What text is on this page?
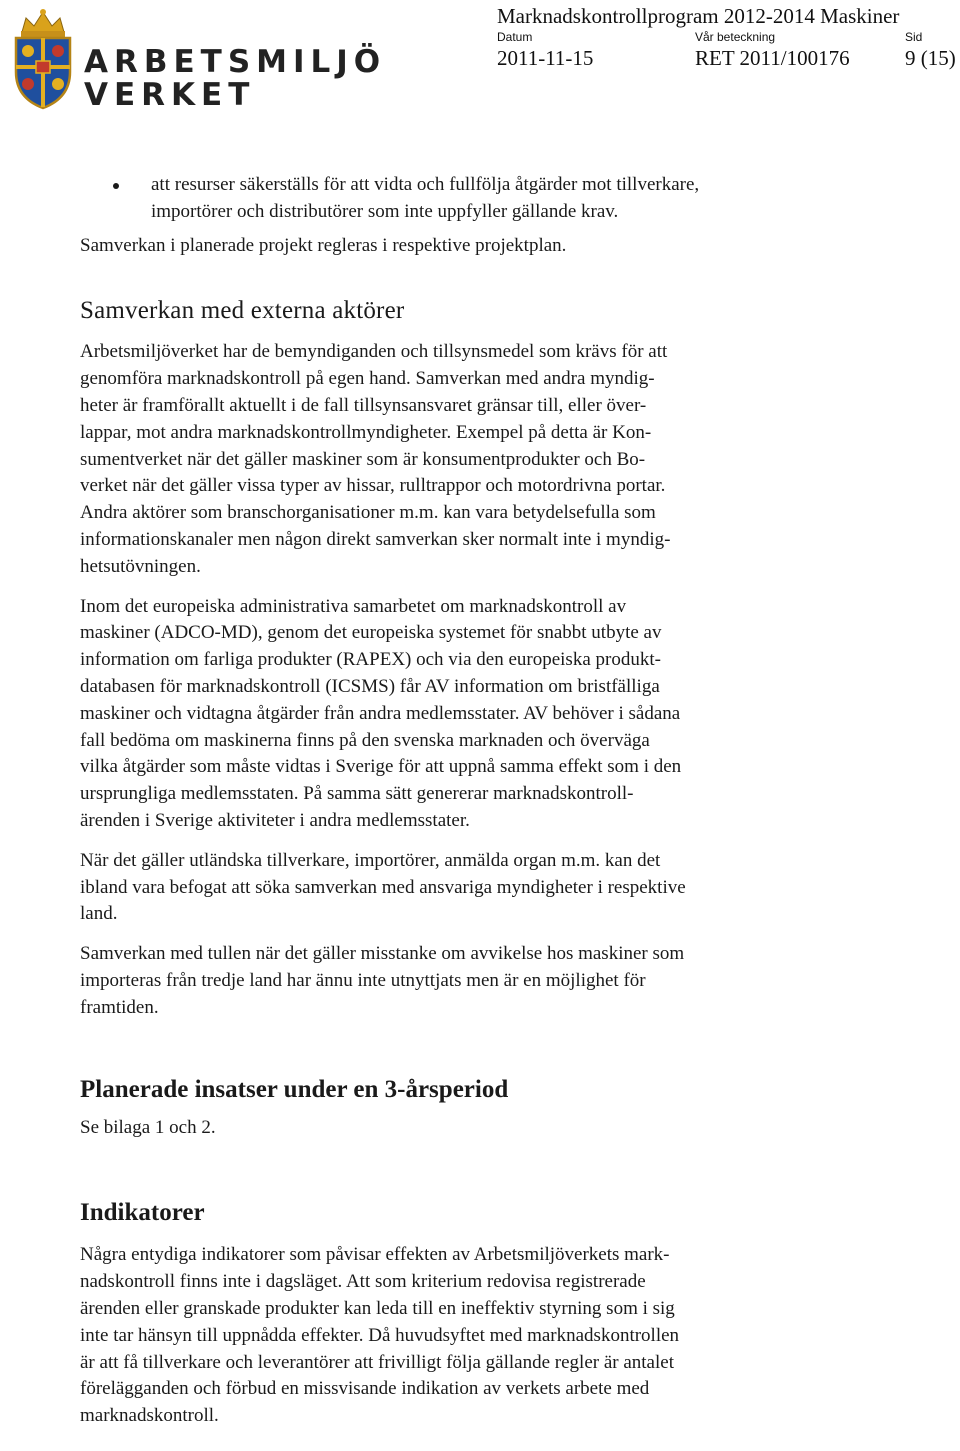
ARBETSMILJÖ
VERKET
Marknadskontrollprogram 2012-2014 Maskiner
Datum	Vår beteckning	Sid
2011-11-15	RET 2011/100176	9 (15)
att resurser säkerställs för att vidta och fullfölja åtgärder mot tillverkare,
importörer och distributörer som inte uppfyller gällande krav.

Samverkan i planerade projekt regleras i respektive projektplan.

Samverkan med externa aktörer

Arbetsmiljöverket har de bemyndiganden och tillsynsmedel som krävs för att
genomföra marknadskontroll på egen hand. Samverkan med andra myndig-
heter är framförallt aktuellt i de fall tillsynsansvaret gränsar till, eller över-
lappar, mot andra marknadskontrollmyndigheter. Exempel på detta är Kon-
sumentverket när det gäller maskiner som är konsumentprodukter och Bo-
verket när det gäller vissa typer av hissar, rulltrappor och motordrivna portar.
Andra aktörer som branschorganisationer m.m. kan vara betydelsefulla som
informationskanaler men någon direkt samverkan sker normalt inte i myndig-
hetsutövningen.

Inom det europeiska administrativa samarbetet om marknadskontroll av
maskiner (ADCO-MD), genom det europeiska systemet för snabbt utbyte av
information om farliga produkter (RAPEX) och via den europeiska produkt-
databasen för marknadskontroll (ICSMS) får AV information om bristfälliga
maskiner och vidtagna åtgärder från andra medlemsstater. AV behöver i sådana
fall bedöma om maskinerna finns på den svenska marknaden och överväga
vilka åtgärder som måste vidtas i Sverige för att uppnå samma effekt som i den
ursprungliga medlemsstaten. På samma sätt genererar marknadskontroll-
ärenden i Sverige aktiviteter i andra medlemsstater.

När det gäller utländska tillverkare, importörer, anmälda organ m.m. kan det
ibland vara befogat att söka samverkan med ansvariga myndigheter i respektive
land.

Samverkan med tullen när det gäller misstanke om avvikelse hos maskiner som
importeras från tredje land har ännu inte utnyttjats men är en möjlighet för
framtiden.

Planerade insatser under en 3-årsperiod

Se bilaga 1 och 2.

Indikatorer

Några entydiga indikatorer som påvisar effekten av Arbetsmiljöverkets mark-
nadskontroll finns inte i dagsläget. Att som kriterium redovisa registrerade
ärenden eller granskade produkter kan leda till en ineffektiv styrning som i sig
inte tar hänsyn till uppnådda effekter. Då huvudsyftet med marknadskontrollen
är att få tillverkare och leverantörer att frivilligt följa gällande regler är antalet
förelägganden och förbud en missvisande indikation av verkets arbete med
marknadskontroll.
